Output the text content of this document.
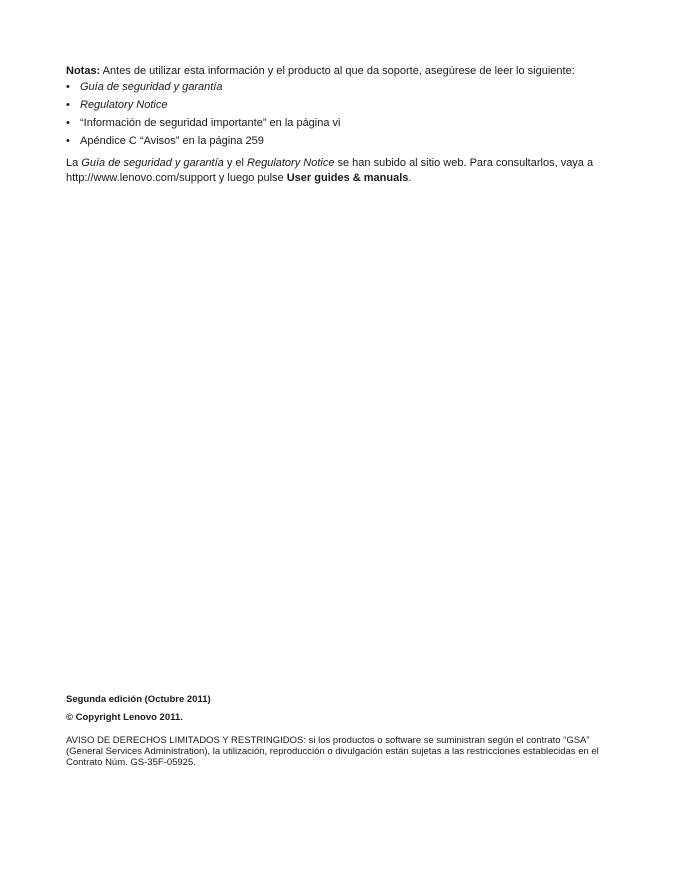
Notas: Antes de utilizar esta información y el producto al que da soporte, asegúrese de leer lo siguiente:

• Guía de seguridad y garantía
• Regulatory Notice
• “Información de seguridad importante” en la página vi
• Apéndice C “Avisos” en la página 259

La Guía de seguridad y garantía y el Regulatory Notice se han subido al sitio web. Para consultarlos, vaya a http://www.lenovo.com/support y luego pulse User guides & manuals.

Segunda edición (Octubre 2011)

© Copyright Lenovo 2011.

AVISO DE DERECHOS LIMITADOS Y RESTRINGIDOS: si los productos o software se suministran según el contrato “GSA” (General Services Administration), la utilización, reproducción o divulgación están sujetas a las restricciones establecidas en el Contrato Núm. GS-35F-05925.
